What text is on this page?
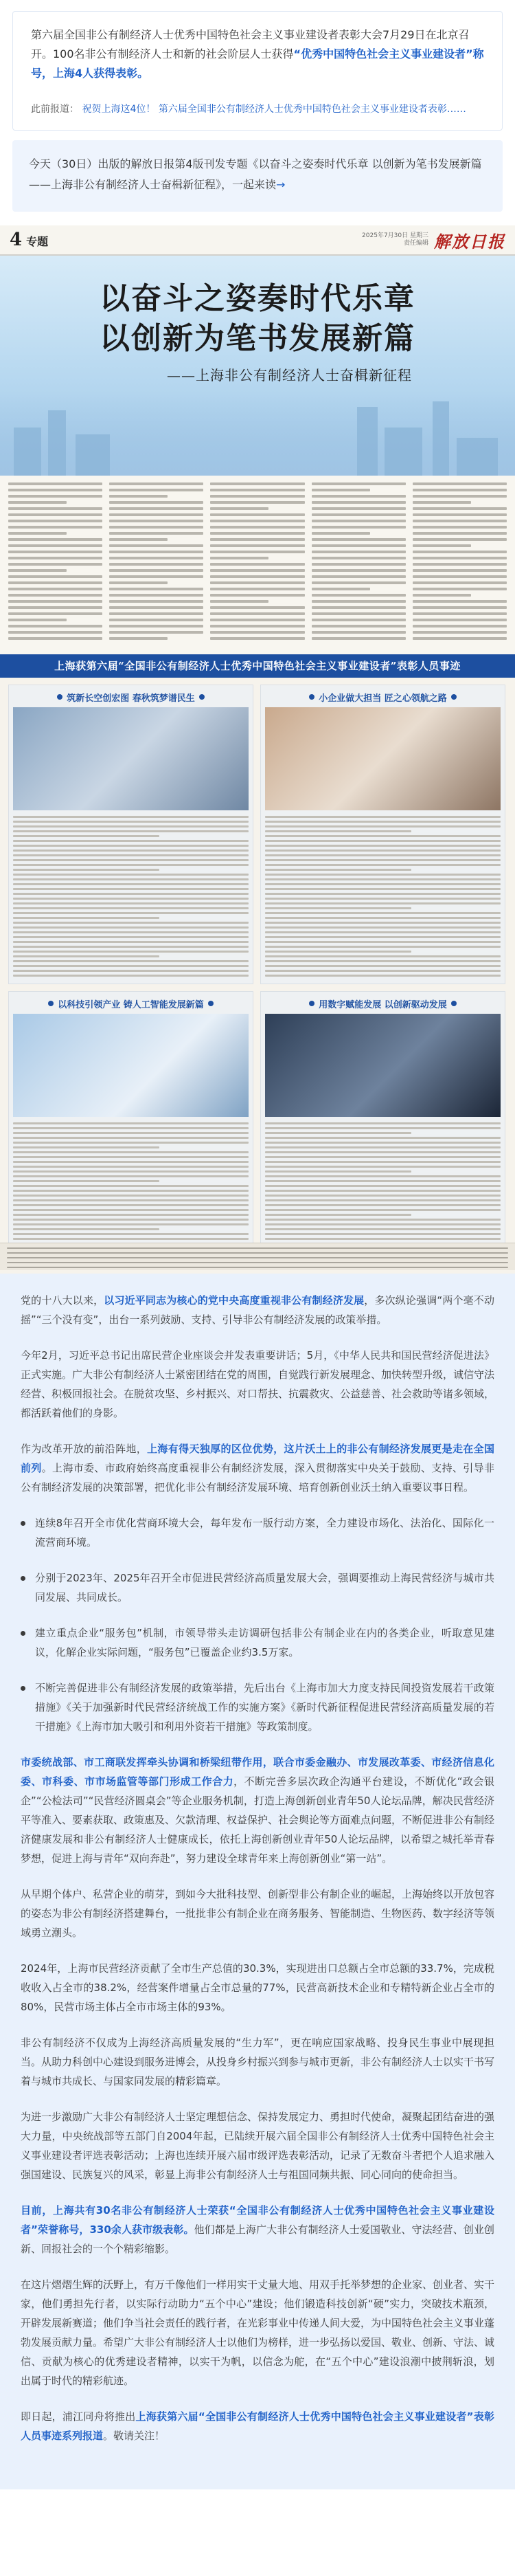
第六届全国非公有制经济人士优秀中国特色社会主义事业建设者表彰大会7月29日在北京召开。100名非公有制经济人士和新的社会阶层人士获得“优秀中国特色社会主义事业建设者”称号，上海4人获得表彰。

此前报道： 祝贺上海这4位！ 第六届全国非公有制经济人士优秀中国特色社会主义事业建设者表彰……

今天（30日）出版的解放日报第4版刊发专题《以奋斗之姿奏时代乐章 以创新为笔书发展新篇——上海非公有制经济人士奋楫新征程》，一起来读→
4 专题	2025年7月30日 星期三
责任编辑 解放日报
以奋斗之姿奏时代乐章
以创新为笔书发展新篇
——上海非公有制经济人士奋楫新征程
上海获第六届“全国非公有制经济人士优秀中国特色社会主义事业建设者”表彰人员事迹
筑新长空创宏图 春秋筑梦谱民生	小企业做大担当 匠之心领航之路
以科技引领产业 铸人工智能发展新篇	用数字赋能发展 以创新驱动发展

党的十八大以来，以习近平同志为核心的党中央高度重视非公有制经济发展，多次纵论强调“两个毫不动摇”“三个没有变”，出台一系列鼓励、支持、引导非公有制经济发展的政策举措。

今年2月，习近平总书记出席民营企业座谈会并发表重要讲话；5月，《中华人民共和国民营经济促进法》正式实施。广大非公有制经济人士紧密团结在党的周围，自觉践行新发展理念、加快转型升级，诚信守法经营、积极回报社会。在脱贫攻坚、乡村振兴、对口帮扶、抗震救灾、公益慈善、社会救助等诸多领域，都活跃着他们的身影。

作为改革开放的前沿阵地，上海有得天独厚的区位优势，这片沃土上的非公有制经济发展更是走在全国前列。上海市委、市政府始终高度重视非公有制经济发展，深入贯彻落实中央关于鼓励、支持、引导非公有制经济发展的决策部署，把优化非公有制经济发展环境、培育创新创业沃土纳入重要议事日程。

连续8年召开全市优化营商环境大会，每年发布一版行动方案，全力建设市场化、法治化、国际化一流营商环境。
分别于2023年、2025年召开全市促进民营经济高质量发展大会，强调要推动上海民营经济与城市共同发展、共同成长。
建立重点企业“服务包”机制，市领导带头走访调研包括非公有制企业在内的各类企业，听取意见建议，化解企业实际问题，“服务包”已覆盖企业约3.5万家。
不断完善促进非公有制经济发展的政策举措，先后出台《上海市加大力度支持民间投资发展若干政策措施》《关于加强新时代民营经济统战工作的实施方案》《新时代新征程促进民营经济高质量发展的若干措施》《上海市加大吸引和利用外资若干措施》等政策制度。

市委统战部、市工商联发挥牵头协调和桥梁纽带作用，联合市委金融办、市发展改革委、市经济信息化委、市科委、市市场监管等部门形成工作合力，不断完善多层次政企沟通平台建设，不断优化“政会银企”“公检法司”“民营经济圆桌会”等企业服务机制，打造上海创新创业青年50人论坛品牌，解决民营经济平等准入、要素获取、政策惠及、欠款清理、权益保护、社会舆论等方面难点问题，不断促进非公有制经济健康发展和非公有制经济人士健康成长，依托上海创新创业青年50人论坛品牌，以希望之城托举青春梦想，促进上海与青年“双向奔赴”，努力建设全球青年来上海创新创业“第一站”。

从早期个体户、私营企业的萌芽，到如今大批科技型、创新型非公有制企业的崛起，上海始终以开放包容的姿态为非公有制经济搭建舞台，一批批非公有制企业在商务服务、智能制造、生物医药、数字经济等领域勇立潮头。

2024年，上海市民营经济贡献了全市生产总值的30.3%，实现进出口总额占全市总额的33.7%，完成税收收入占全市的38.2%，经营案件增量占全市总量的77%，民营高新技术企业和专精特新企业占全市的80%，民营市场主体占全市市场主体的93%。

非公有制经济不仅成为上海经济高质量发展的“生力军”，更在响应国家战略、投身民生事业中展现担当。从助力科创中心建设到服务进博会，从投身乡村振兴到参与城市更新，非公有制经济人士以实干书写着与城市共成长、与国家同发展的精彩篇章。

为进一步激励广大非公有制经济人士坚定理想信念、保持发展定力、勇担时代使命，凝聚起团结奋进的强大力量，中央统战部等五部门自2004年起，已陆续开展六届全国非公有制经济人士优秀中国特色社会主义事业建设者评选表彰活动；上海也连续开展六届市级评选表彰活动，记录了无数奋斗者把个人追求融入强国建设、民族复兴的风采，彰显上海非公有制经济人士与祖国同频共振、同心同向的使命担当。

目前，上海共有30名非公有制经济人士荣获“全国非公有制经济人士优秀中国特色社会主义事业建设者”荣誉称号，330余人获市级表彰。他们都是上海广大非公有制经济人士爱国敬业、守法经营、创业创新、回报社会的一个个精彩缩影。

在这片熠熠生辉的沃野上，有万千像他们一样用实干丈量大地、用双手托举梦想的企业家、创业者、实干家，他们勇担先行者，以实际行动助力“五个中心”建设；他们锻造科技创新“硬”实力，突破技术瓶颈，开辟发展新赛道；他们争当社会责任的践行者，在光彩事业中传递人间大爱，为中国特色社会主义事业蓬勃发展贡献力量。希望广大非公有制经济人士以他们为榜样，进一步弘扬以爱国、敬业、创新、守法、诚信、贡献为核心的优秀建设者精神，以实干为帆，以信念为舵，在“五个中心”建设浪潮中披荆斩浪，划出属于时代的精彩航迹。

即日起，浦江同舟将推出上海获第六届“全国非公有制经济人士优秀中国特色社会主义事业建设者”表彰人员事迹系列报道。敬请关注！
